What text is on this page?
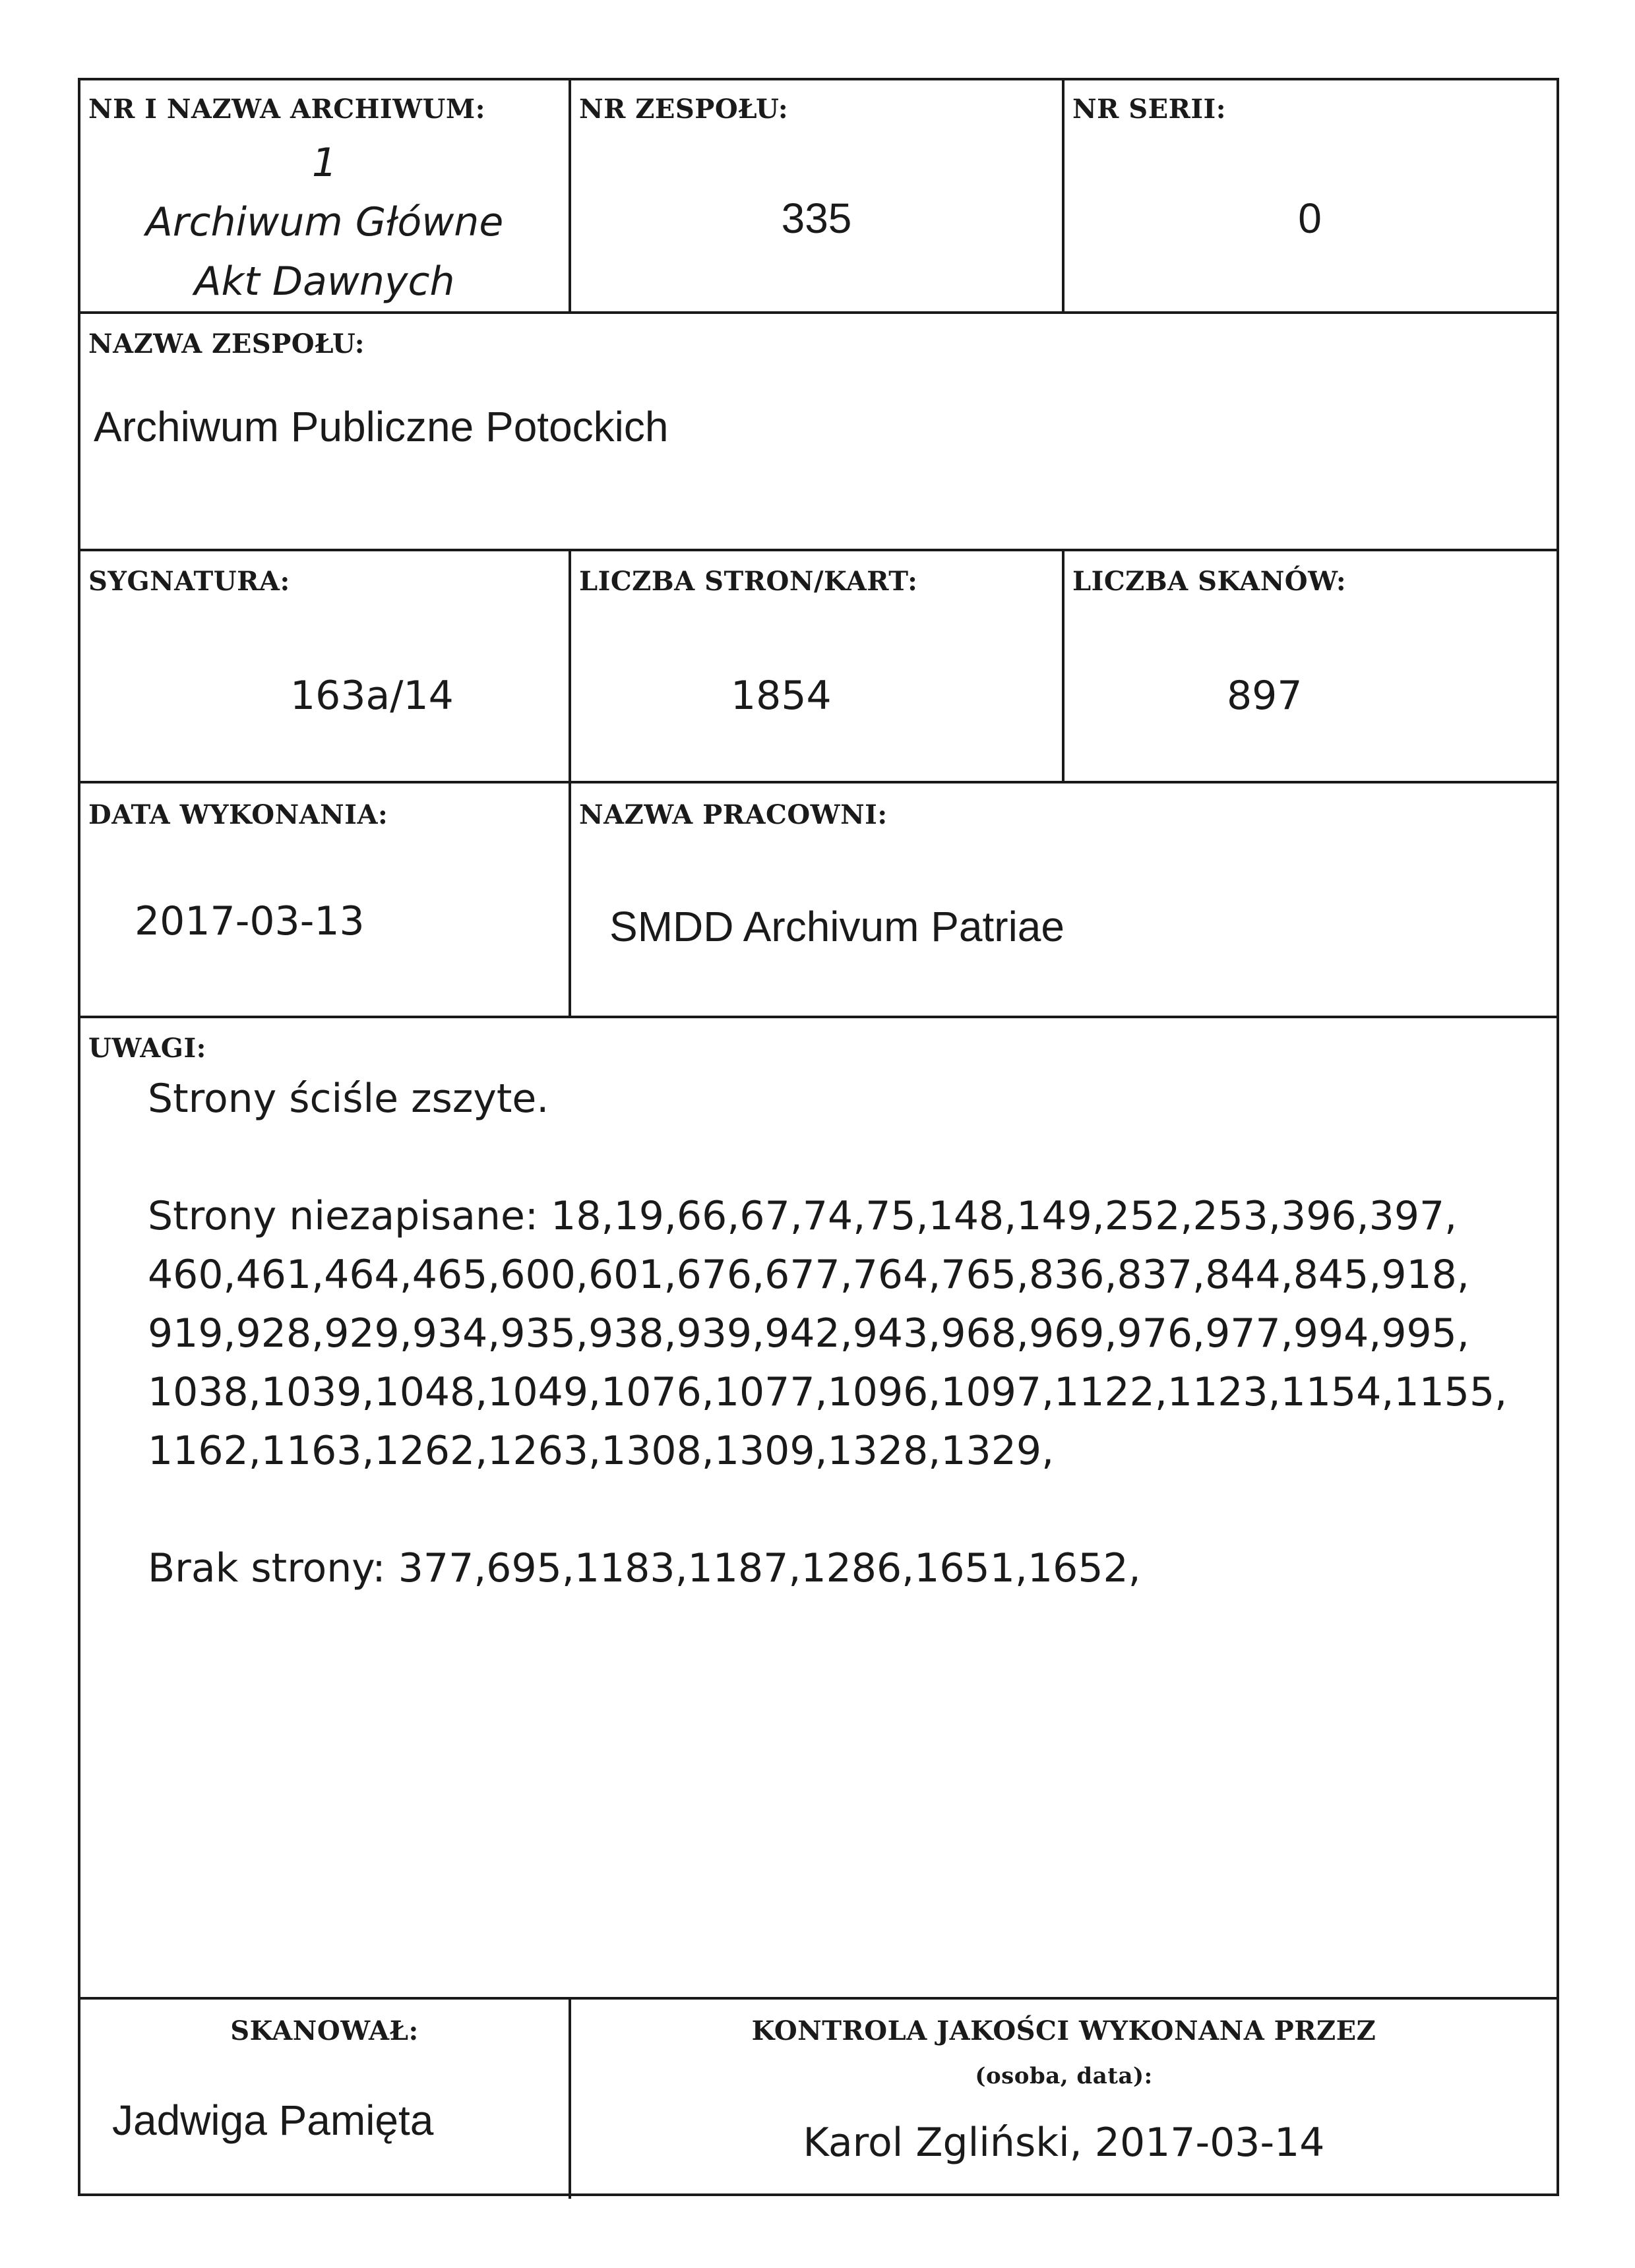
NR I NAZWA ARCHIWUM:
1
Archiwum Główne
Akt Dawnych
NR ZESPOŁU:
335
NR SERII:
0
NAZWA ZESPOŁU:
Archiwum Publiczne Potockich
SYGNATURA:
163a/14
LICZBA STRON/KART:
1854
LICZBA SKANÓW:
897
DATA WYKONANIA:
2017-03-13
NAZWA PRACOWNI:
SMDD Archivum Patriae
UWAGI:
Strony ściśle zszyte.
Strony niezapisane: 18,19,66,67,74,75,148,149,252,253,396,397,
460,461,464,465,600,601,676,677,764,765,836,837,844,845,918,
919,928,929,934,935,938,939,942,943,968,969,976,977,994,995,
1038,1039,1048,1049,1076,1077,1096,1097,1122,1123,1154,1155,
1162,1163,1262,1263,1308,1309,1328,1329,
Brak strony: 377,695,1183,1187,1286,1651,1652,
SKANOWAŁ:
Jadwiga Pamięta
KONTROLA JAKOŚCI WYKONANA PRZEZ
(osoba, data):
Karol Zgliński, 2017-03-14
